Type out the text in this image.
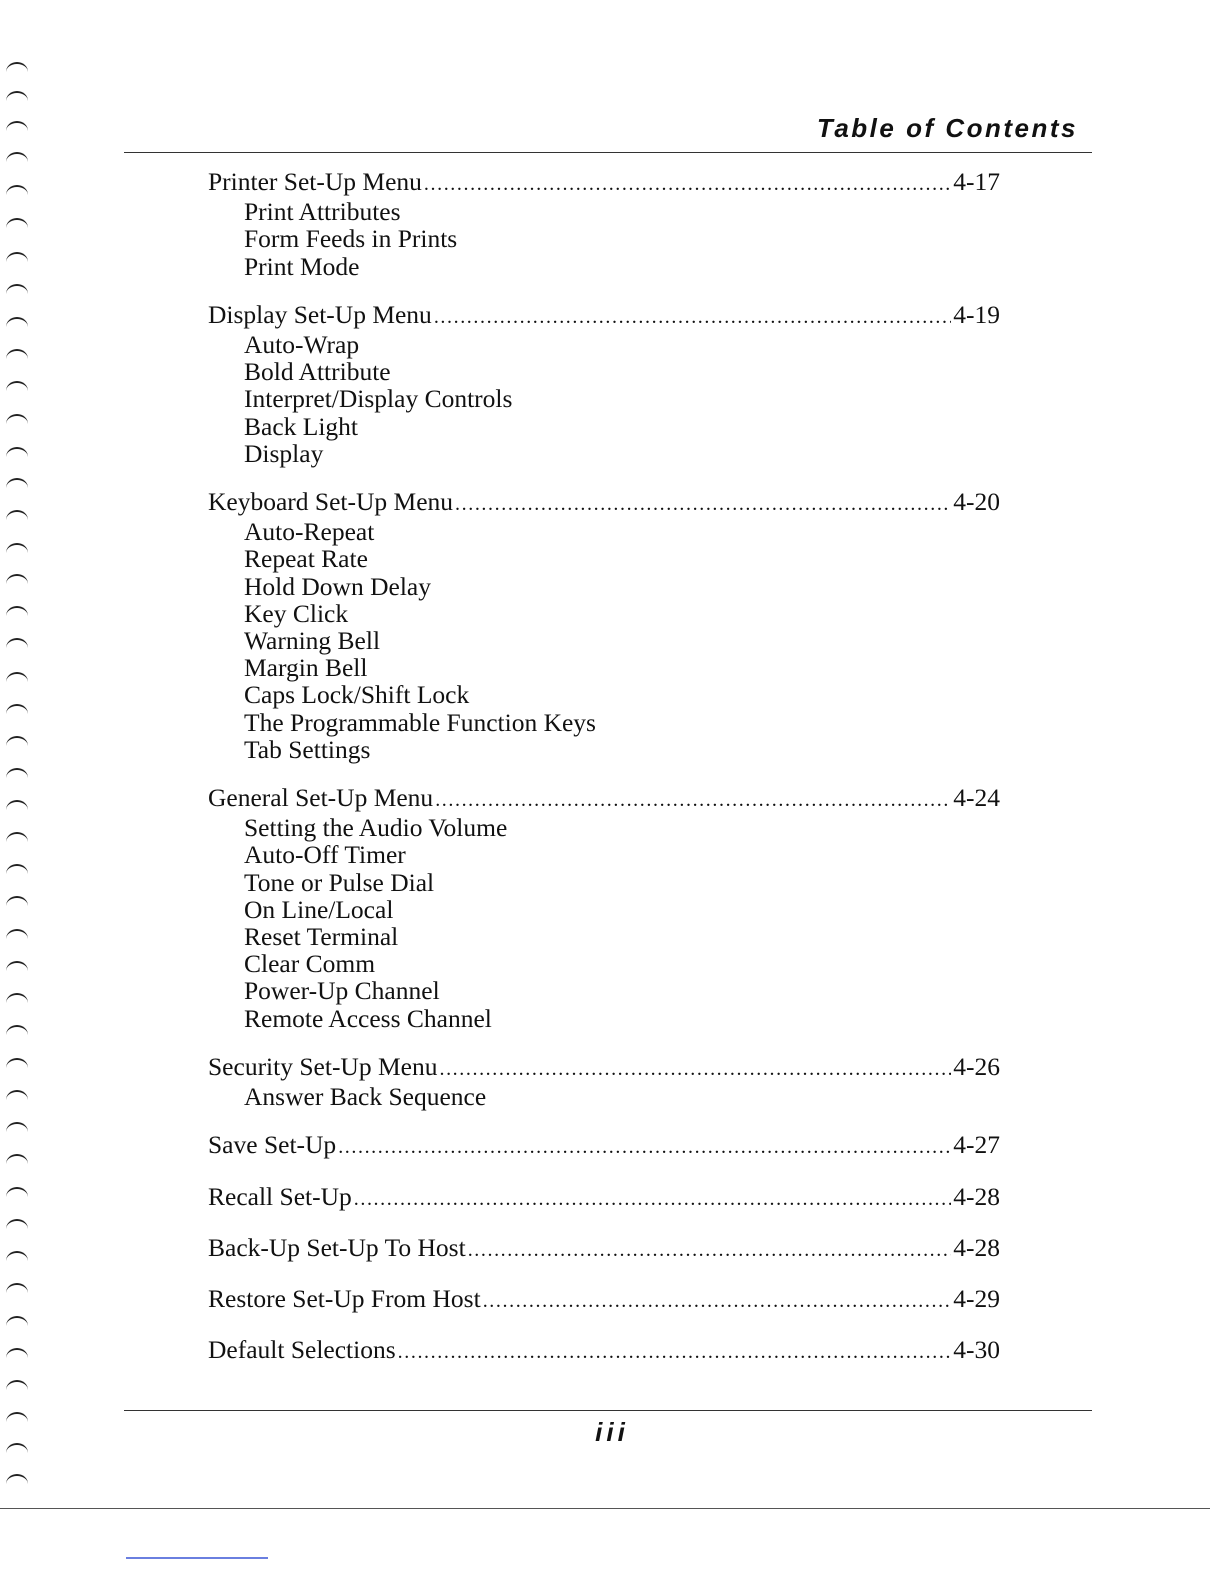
Table of Contents
Printer Set-Up Menu .....	4-17
Print Attributes
Form Feeds in Prints
Print Mode
Display Set-Up Menu .....	4-19
Auto-Wrap
Bold Attribute
Interpret/Display Controls
Back Light
Display
Keyboard Set-Up Menu .....	4-20
Auto-Repeat
Repeat Rate
Hold Down Delay
Key Click
Warning Bell
Margin Bell
Caps Lock/Shift Lock
The Programmable Function Keys
Tab Settings
General Set-Up Menu .....	4-24
Setting the Audio Volume
Auto-Off Timer
Tone or Pulse Dial
On Line/Local
Reset Terminal
Clear Comm
Power-Up Channel
Remote Access Channel
Security Set-Up Menu .....	4-26
Answer Back Sequence
Save Set-Up .....	4-27
Recall Set-Up .....	4-28
Back-Up Set-Up To Host .....	4-28
Restore Set-Up From Host .....	4-29
Default Selections .....	4-30

iii
